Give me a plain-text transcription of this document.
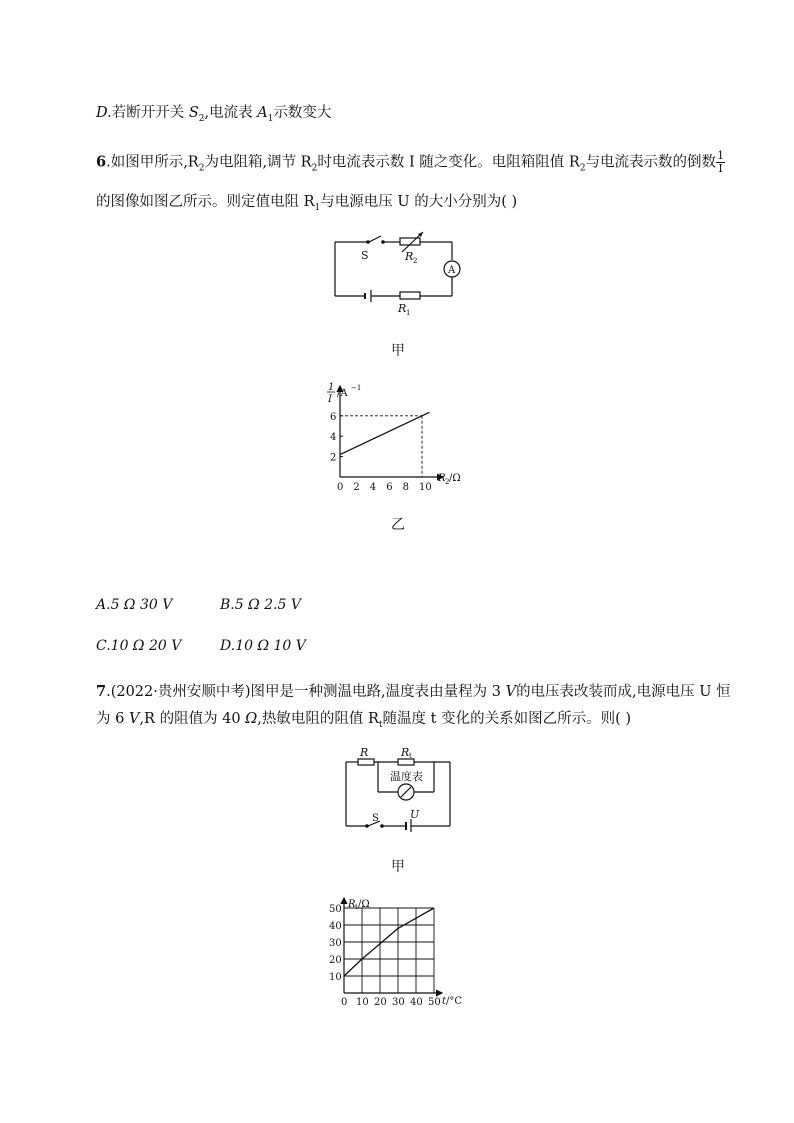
D.若断开开关 $S_2$,电流表 $A_1$示数变大
6.如图甲所示$,R_2$为电阻箱,调节 $R_2$时电流表示数 I 随之变化。电阻箱阻值 $R_2$与电流表示数的倒数 $\frac{1}{I}$
的图像如图乙所示。则定值电阻 $R_1$与电源电压 U 的大小分别为( )
S	R 2
A
R 1
甲
0 2 4 6 8 10
2
4
6
1
I
/A −1
R 2 /Ω
乙
A.5 Ω 30 V	B.5 Ω 2.5 V
C.10 Ω 20 V	D.10 Ω 10 V
7.(2022·贵州安顺中考)图甲是一种测温电路,温度表由量程为 3 V的电压表改装而成,电源电压 U 恒
为 6 V,R 的阻值为 40 Ω,热敏电阻的阻值 $R_t$随温度 t 变化的关系如图乙所示。则( )
R	R t
温度表
S	U
甲
0 10 20 30 40 50
10
20
30
40
50 R t /Ω
t /°C
